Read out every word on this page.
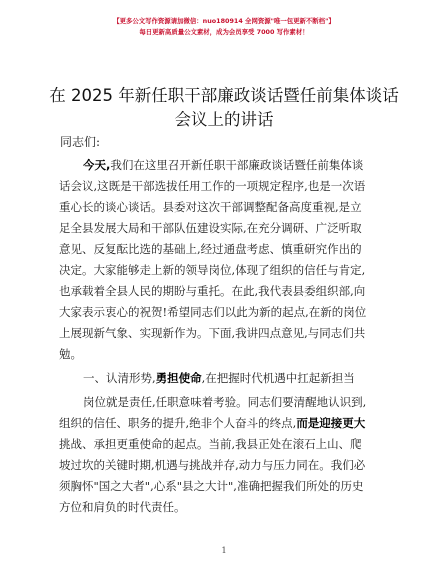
【更多公文写作资源请加微信：nuo180914 全网资源"唯一包更新不断档"】
每日更新高质量公文素材，成为会员享受 7000 写作素材！
在 2025 年新任职干部廉政谈话暨任前集体谈话
会议上的讲话
同志们:
今天,我们在这里召开新任职干部廉政谈话暨任前集体谈
话会议,这既是干部选拔任用工作的一项规定程序,也是一次语
重心长的谈心谈话。县委对这次干部调整配备高度重视,是立
足全县发展大局和干部队伍建设实际,在充分调研、广泛听取
意见、反复酝比选的基础上,经过通盘考虑、慎重研究作出的
决定。大家能够走上新的领导岗位,体现了组织的信任与肯定,
也承载着全县人民的期盼与重托。在此,我代表县委组织部,向
大家表示衷心的祝贺!希望同志们以此为新的起点,在新的岗位
上展现新气象、实现新作为。下面,我讲四点意见,与同志们共
勉。
一、认清形势,勇担使命,在把握时代机遇中扛起新担当
岗位就是责任,任职意味着考验。同志们要清醒地认识到,
组织的信任、职务的提升,绝非个人奋斗的终点,而是迎接更大
挑战、承担更重使命的起点。当前,我县正处在滚石上山、爬
坡过坎的关键时期,机遇与挑战并存,动力与压力同在。我们必
须胸怀"国之大者",心系"县之大计",准确把握我们所处的历史
方位和肩负的时代责任。
1
